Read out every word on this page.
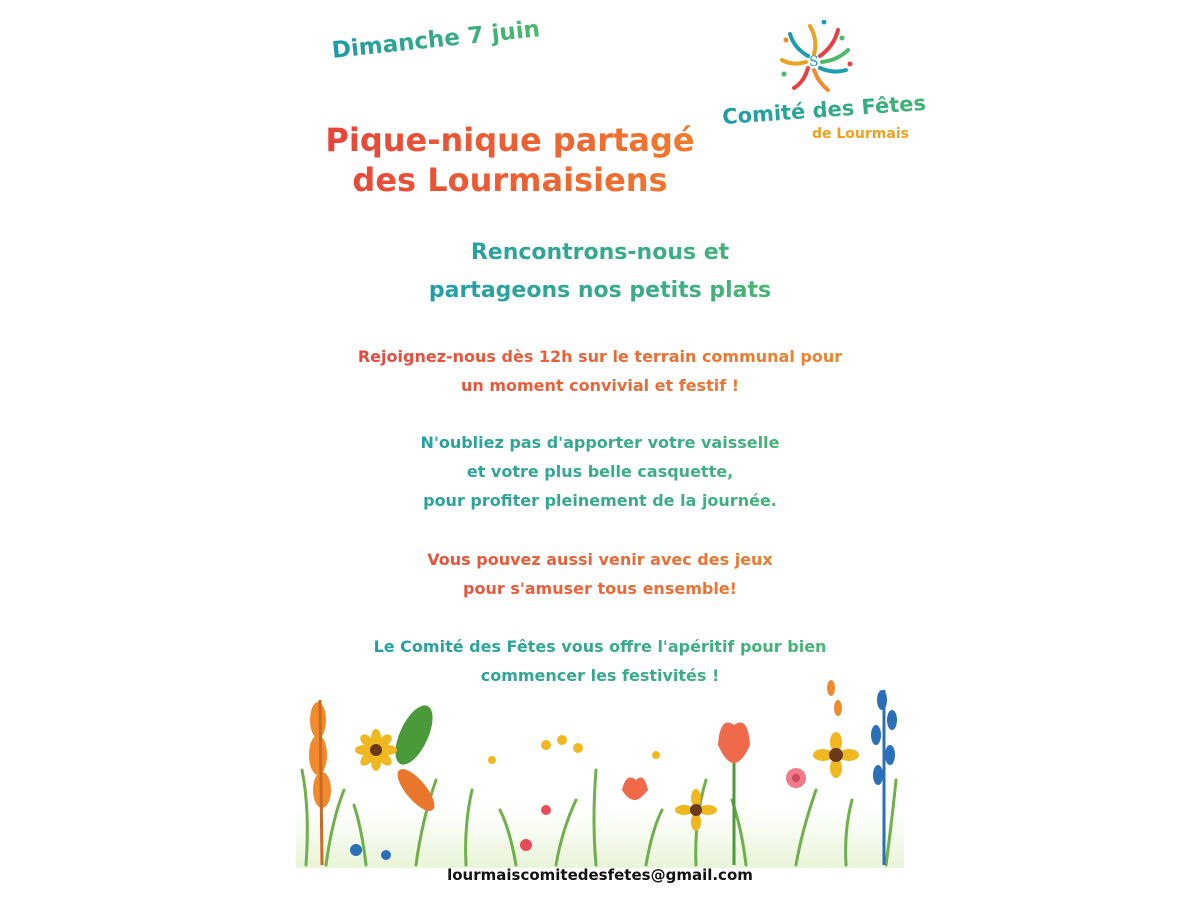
Dimanche 7 juin
Pique-nique partagé
des Lourmaisiens
S
Comité des Fêtes
de Lourmais
Rencontrons-nous et
partageons nos petits plats
Rejoignez-nous dès 12h sur le terrain communal pour
un moment convivial et festif !
N'oubliez pas d'apporter votre vaisselle
et votre plus belle casquette,
pour profiter pleinement de la journée.
Vous pouvez aussi venir avec des jeux
pour s'amuser tous ensemble!
Le Comité des Fêtes vous offre l'apéritif pour bien
commencer les festivités !
lourmaiscomitedesfetes@gmail.com
